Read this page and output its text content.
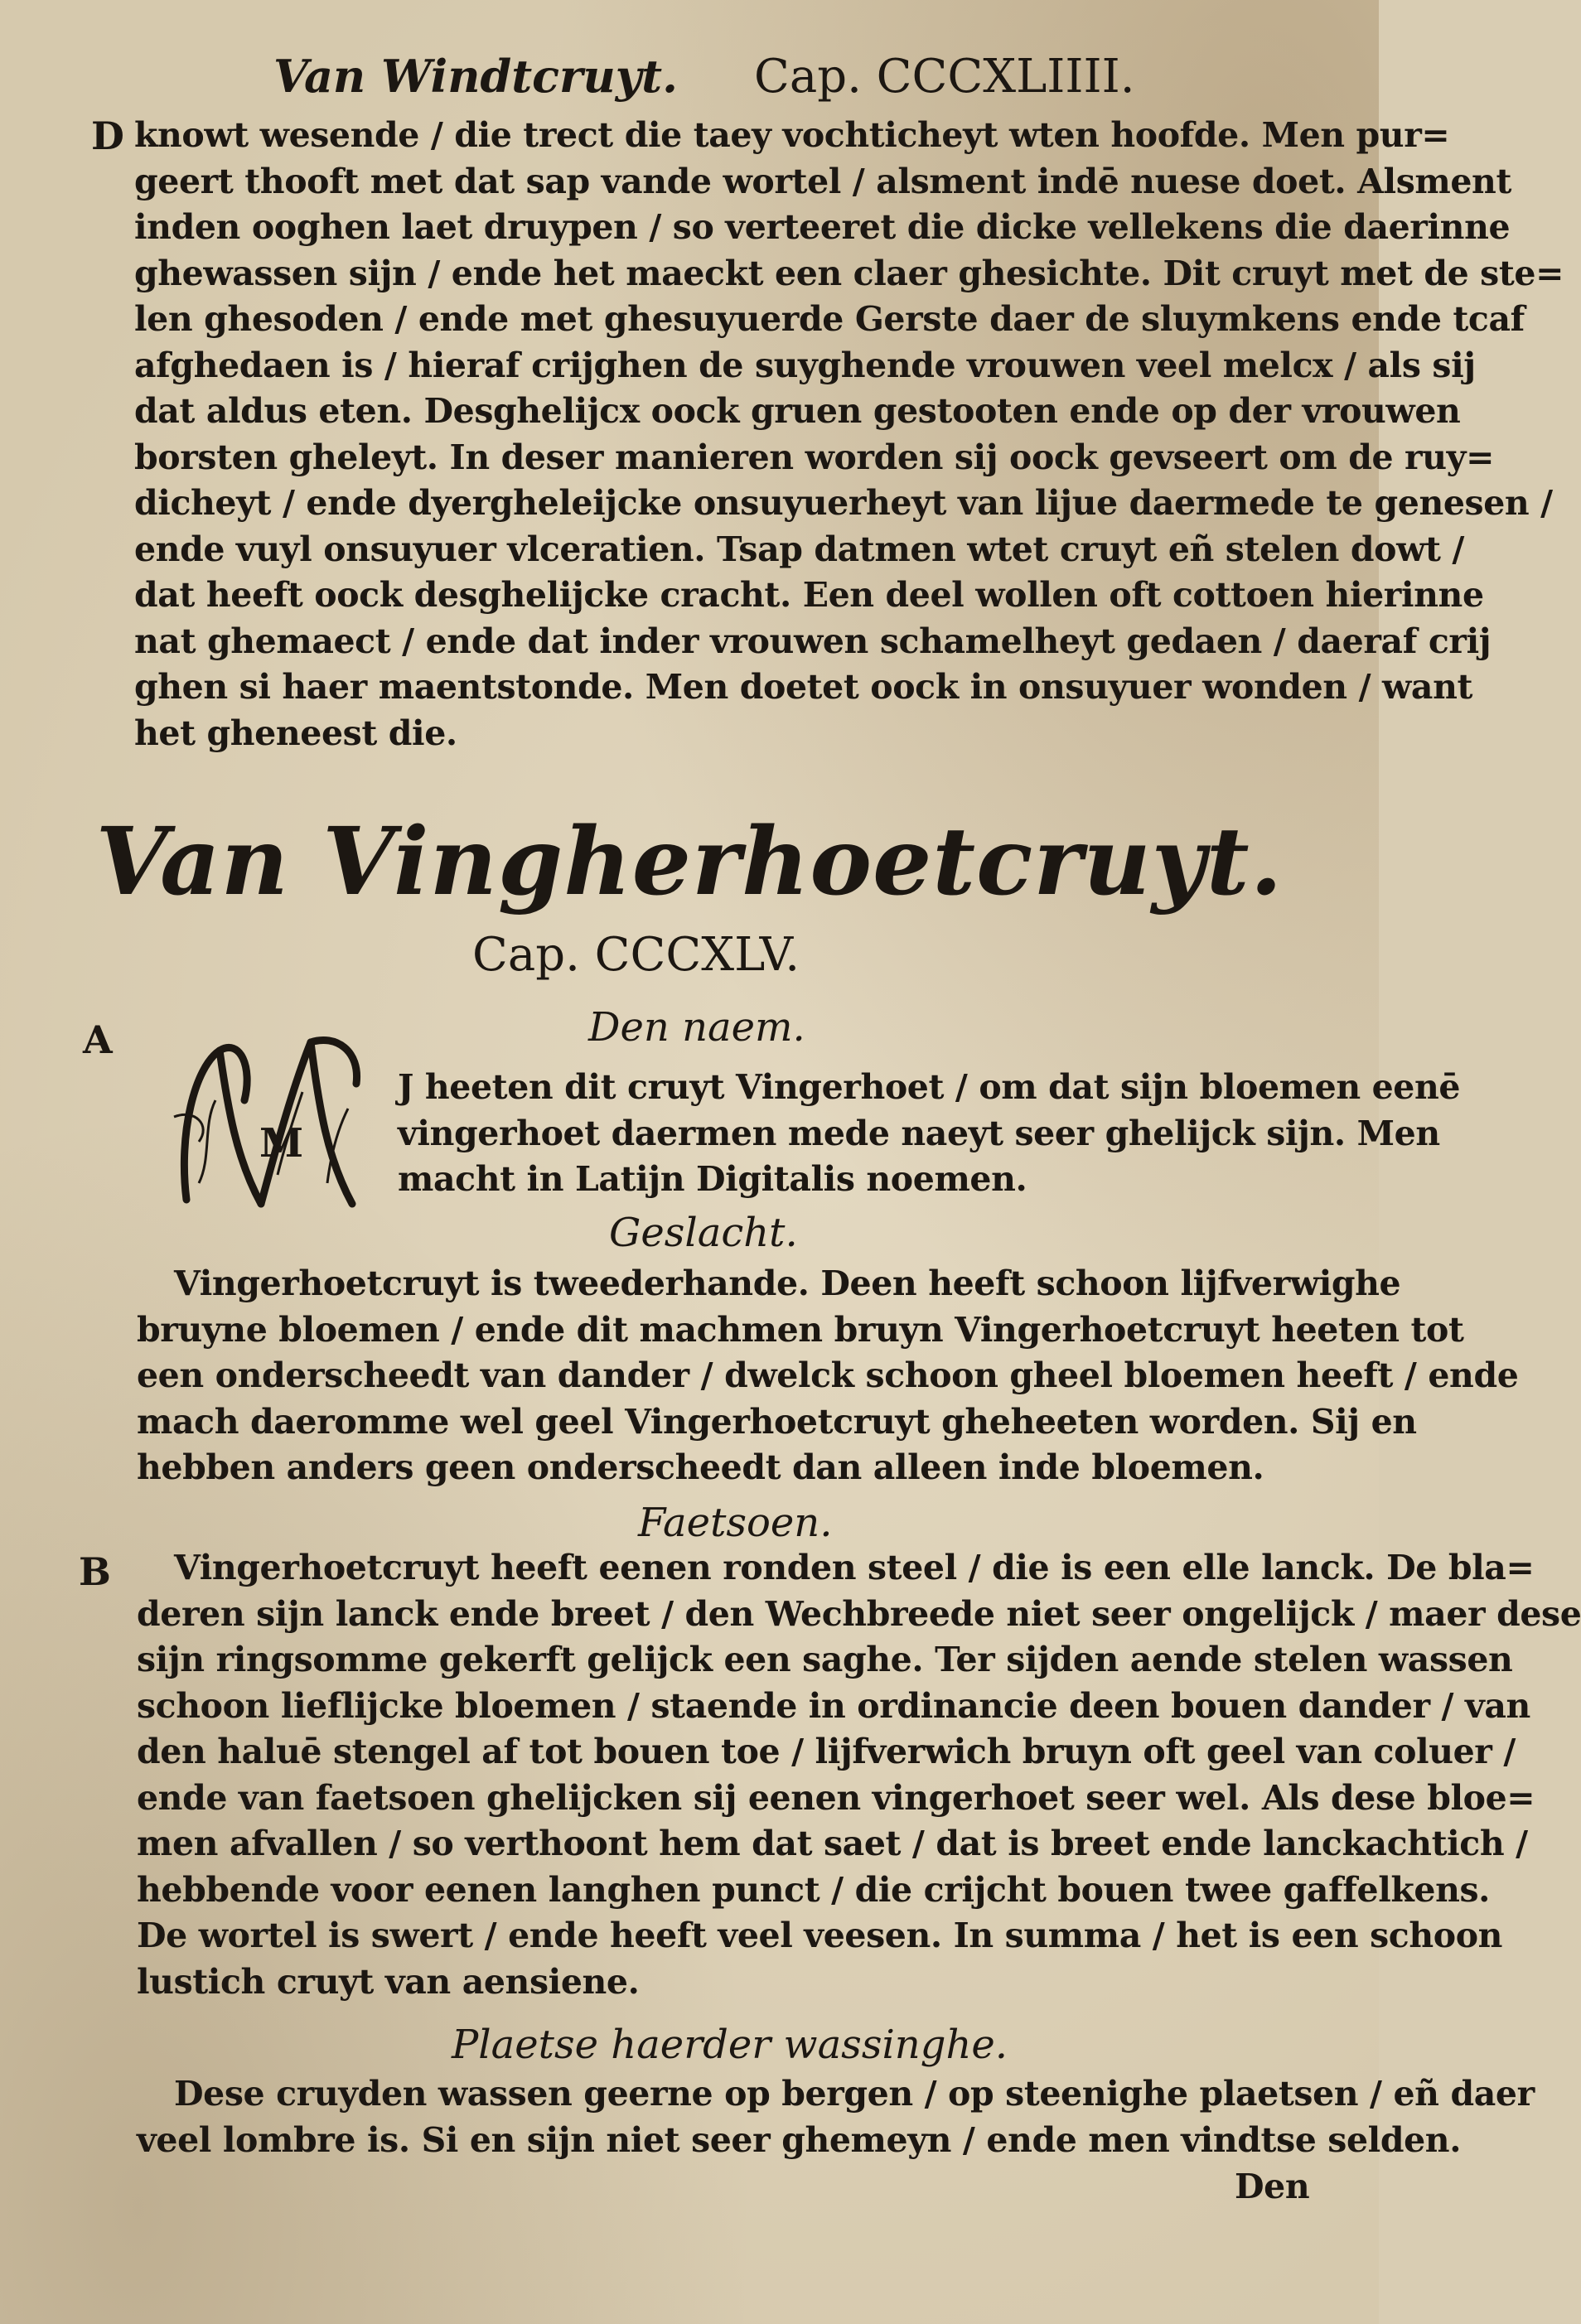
Van Windtcruyt. Cap. CCCXLIIII.
D knowt wesende / die trect die taey vochticheyt wten hoofde. Men pur=
geert thooft met dat sap vande wortel / alsment indē nuese doet. Alsment
inden ooghen laet druypen / so verteeret die dicke vellekens die daerinne
ghewassen sijn / ende het maeckt een claer ghesichte. Dit cruyt met de ste=
len ghesoden / ende met ghesuyuerde Gerste daer de sluymkens ende tcaf
afghedaen is / hieraf crijghen de suyghende vrouwen veel melcx / als sij
dat aldus eten. Desghelijcx oock gruen gestooten ende op der vrouwen
borsten gheleyt. In deser manieren worden sij oock gevseert om de ruy=
dicheyt / ende dyergheleijcke onsuyuerheyt van lijue daermede te genesen /
ende vuyl onsuyuer vlceratien. Tsap datmen wtet cruyt eñ stelen dowt /
dat heeft oock desghelijcke cracht. Een deel wollen oft cottoen hierinne
nat ghemaect / ende dat inder vrouwen schamelheyt gedaen / daeraf crij
ghen si haer maentstonde. Men doetet oock in onsuyuer wonden / want
het gheneest die.
Van Vingherhoetcruyt.
Cap. CCCXLV.
A	Den naem.
M
J heeten dit cruyt Vingerhoet / om dat sijn bloemen eenē
vingerhoet daermen mede naeyt seer ghelijck sijn. Men
macht in Latijn Digitalis noemen.
Geslacht.
Vingerhoetcruyt is tweederhande. Deen heeft schoon lijfverwighe
bruyne bloemen / ende dit machmen bruyn Vingerhoetcruyt heeten tot
een onderscheedt van dander / dwelck schoon gheel bloemen heeft / ende
mach daeromme wel geel Vingerhoetcruyt gheheeten worden. Sij en
hebben anders geen onderscheedt dan alleen inde bloemen.
Faetsoen.
B	Vingerhoetcruyt heeft eenen ronden steel / die is een elle lanck. De bla=
deren sijn lanck ende breet / den Wechbreede niet seer ongelijck / maer dese
sijn ringsomme gekerft gelijck een saghe. Ter sijden aende stelen wassen
schoon lieflijcke bloemen / staende in ordinancie deen bouen dander / van
den haluē stengel af tot bouen toe / lijfverwich bruyn oft geel van coluer /
ende van faetsoen ghelijcken sij eenen vingerhoet seer wel. Als dese bloe=
men afvallen / so verthoont hem dat saet / dat is breet ende lanckachtich /
hebbende voor eenen langhen punct / die crijcht bouen twee gaffelkens.
De wortel is swert / ende heeft veel veesen. In summa / het is een schoon
lustich cruyt van aensiene.
Plaetse haerder wassinghe.
Dese cruyden wassen geerne op bergen / op steenighe plaetsen / eñ daer
veel lombre is. Si en sijn niet seer ghemeyn / ende men vindtse selden.
Den
